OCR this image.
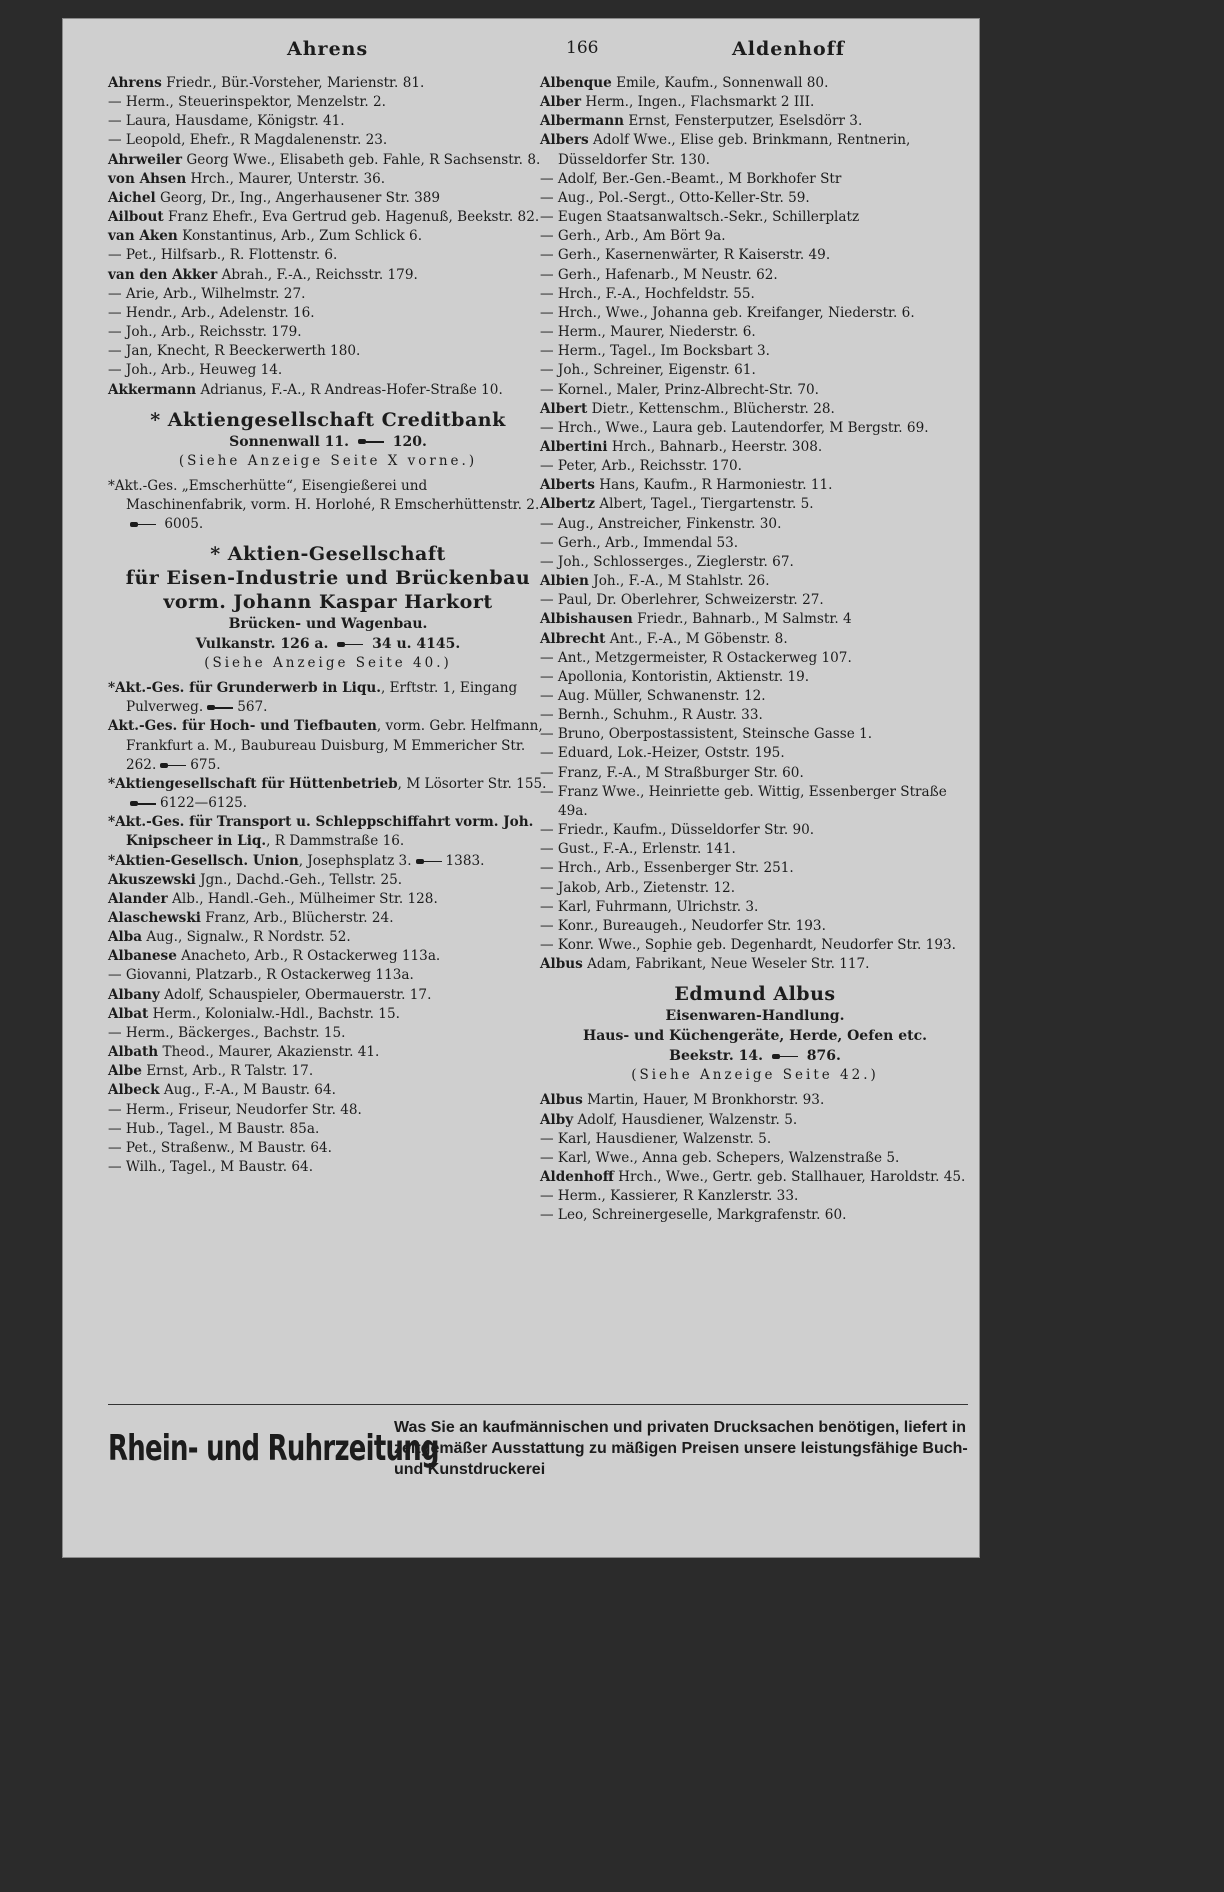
Ahrens	166	Aldenhoff

Ahrens Friedr., Bür.-Vorsteher, Marienstr. 81.

— Herm., Steuerinspektor, Menzelstr. 2.

— Laura, Hausdame, Königstr. 41.

— Leopold, Ehefr., R Magdalenenstr. 23.

Ahrweiler Georg Wwe., Elisabeth geb. Fahle, R Sachsenstr. 8.

von Ahsen Hrch., Maurer, Unterstr. 36.

Aichel Georg, Dr., Ing., Angerhausener Str. 389

Ailbout Franz Ehefr., Eva Gertrud geb. Hagenuß, Beekstr. 82.

van Aken Konstantinus, Arb., Zum Schlick 6.

— Pet., Hilfsarb., R. Flottenstr. 6.

van den Akker Abrah., F.-A., Reichsstr. 179.

— Arie, Arb., Wilhelmstr. 27.

— Hendr., Arb., Adelenstr. 16.

— Joh., Arb., Reichsstr. 179.

— Jan, Knecht, R Beeckerwerth 180.

— Joh., Arb., Heuweg 14.

Akkermann Adrianus, F.-A., R Andreas-Hofer-Straße 10.

* Aktiengesellschaft Creditbank
Sonnenwall 11.	120.
(Siehe Anzeige Seite X vorne.)

*Akt.-Ges. „Emscherhütte“, Eisengießerei und Maschinenfabrik, vorm. H. Horlohé, R Emscherhüttenstr. 2.  6005.

* Aktien-Gesellschaft
für Eisen-Industrie und Brückenbau
vorm. Johann Kaspar Harkort
Brücken- und Wagenbau.
Vulkanstr. 126 a.	34 u. 4145.
(Siehe Anzeige Seite 40.)

*Akt.-Ges. für Grunderwerb in Liqu., Erftstr. 1, Eingang Pulverweg.	567.

Akt.-Ges. für Hoch- und Tiefbauten, vorm. Gebr. Helfmann, Frankfurt a. M., Baubureau Duisburg, M Emmericher Str. 262.	675.

*Aktiengesellschaft für Hüttenbetrieb, M Lösorter Str. 155.6122—6125.

*Akt.-Ges. für Transport u. Schleppschiffahrt vorm. Joh. Knipscheer in Liq., R Dammstraße 16.

*Aktien-Gesellsch. Union, Josephsplatz 3.	1383.

Akuszewski Jgn., Dachd.-Geh., Tellstr. 25.

Alander Alb., Handl.-Geh., Mülheimer Str. 128.

Alaschewski Franz, Arb., Blücherstr. 24.

Alba Aug., Signalw., R Nordstr. 52.

Albanese Anacheto, Arb., R Ostackerweg 113a.

— Giovanni, Platzarb., R Ostackerweg 113a.

Albany Adolf, Schauspieler, Obermauerstr. 17.

Albat Herm., Kolonialw.-Hdl., Bachstr. 15.

— Herm., Bäckerges., Bachstr. 15.

Albath Theod., Maurer, Akazienstr. 41.

Albe Ernst, Arb., R Talstr. 17.

Albeck Aug., F.-A., M Baustr. 64.

— Herm., Friseur, Neudorfer Str. 48.

— Hub., Tagel., M Baustr. 85a.

— Pet., Straßenw., M Baustr. 64.

— Wilh., Tagel., M Baustr. 64.

Albenque Emile, Kaufm., Sonnenwall 80.

Alber Herm., Ingen., Flachsmarkt 2 III.

Albermann Ernst, Fensterputzer, Eselsdörr 3.

Albers Adolf Wwe., Elise geb. Brinkmann, Rentnerin, Düsseldorfer Str. 130.

— Adolf, Ber.-Gen.-Beamt., M Borkhofer Str

— Aug., Pol.-Sergt., Otto-Keller-Str. 59.

— Eugen Staatsanwaltsch.-Sekr., Schillerplatz

— Gerh., Arb., Am Bört 9a.

— Gerh., Kasernenwärter, R Kaiserstr. 49.

— Gerh., Hafenarb., M Neustr. 62.

— Hrch., F.-A., Hochfeldstr. 55.

— Hrch., Wwe., Johanna geb. Kreifanger, Niederstr. 6.

— Herm., Maurer, Niederstr. 6.

— Herm., Tagel., Im Bocksbart 3.

— Joh., Schreiner, Eigenstr. 61.

— Kornel., Maler, Prinz-Albrecht-Str. 70.

Albert Dietr., Kettenschm., Blücherstr. 28.

— Hrch., Wwe., Laura geb. Lautendorfer, M Bergstr. 69.

Albertini Hrch., Bahnarb., Heerstr. 308.

— Peter, Arb., Reichsstr. 170.

Alberts Hans, Kaufm., R Harmoniestr. 11.

Albertz Albert, Tagel., Tiergartenstr. 5.

— Aug., Anstreicher, Finkenstr. 30.

— Gerh., Arb., Immendal 53.

— Joh., Schlosserges., Zieglerstr. 67.

Albien Joh., F.-A., M Stahlstr. 26.

— Paul, Dr. Oberlehrer, Schweizerstr. 27.

Albishausen Friedr., Bahnarb., M Salmstr. 4

Albrecht Ant., F.-A., M Göbenstr. 8.

— Ant., Metzgermeister, R Ostackerweg 107.

— Apollonia, Kontoristin, Aktienstr. 19.

— Aug. Müller, Schwanenstr. 12.

— Bernh., Schuhm., R Austr. 33.

— Bruno, Oberpostassistent, Steinsche Gasse 1.

— Eduard, Lok.-Heizer, Oststr. 195.

— Franz, F.-A., M Straßburger Str. 60.

— Franz Wwe., Heinriette geb. Wittig, Essenberger Straße 49a.

— Friedr., Kaufm., Düsseldorfer Str. 90.

— Gust., F.-A., Erlenstr. 141.

— Hrch., Arb., Essenberger Str. 251.

— Jakob, Arb., Zietenstr. 12.

— Karl, Fuhrmann, Ulrichstr. 3.

— Konr., Bureaugeh., Neudorfer Str. 193.

— Konr. Wwe., Sophie geb. Degenhardt, Neudorfer Str. 193.

Albus Adam, Fabrikant, Neue Weseler Str. 117.

Edmund Albus
Eisenwaren-Handlung.
Haus- und Küchengeräte, Herde, Oefen etc.
Beekstr. 14.	876.
(Siehe Anzeige Seite 42.)

Albus Martin, Hauer, M Bronkhorstr. 93.

Alby Adolf, Hausdiener, Walzenstr. 5.

— Karl, Hausdiener, Walzenstr. 5.

— Karl, Wwe., Anna geb. Schepers, Walzenstraße 5.

Aldenhoff Hrch., Wwe., Gertr. geb. Stallhauer, Haroldstr. 45.

— Herm., Kassierer, R Kanzlerstr. 33.

— Leo, Schreinergeselle, Markgrafenstr. 60.

Rhein- und Ruhrzeitung
Was Sie an kaufmännischen und privaten Drucksachen benötigen, liefert in zeitgemäßer Ausstattung zu mäßigen Preisen unsere leistungsfähige Buch- und Kunstdruckerei
